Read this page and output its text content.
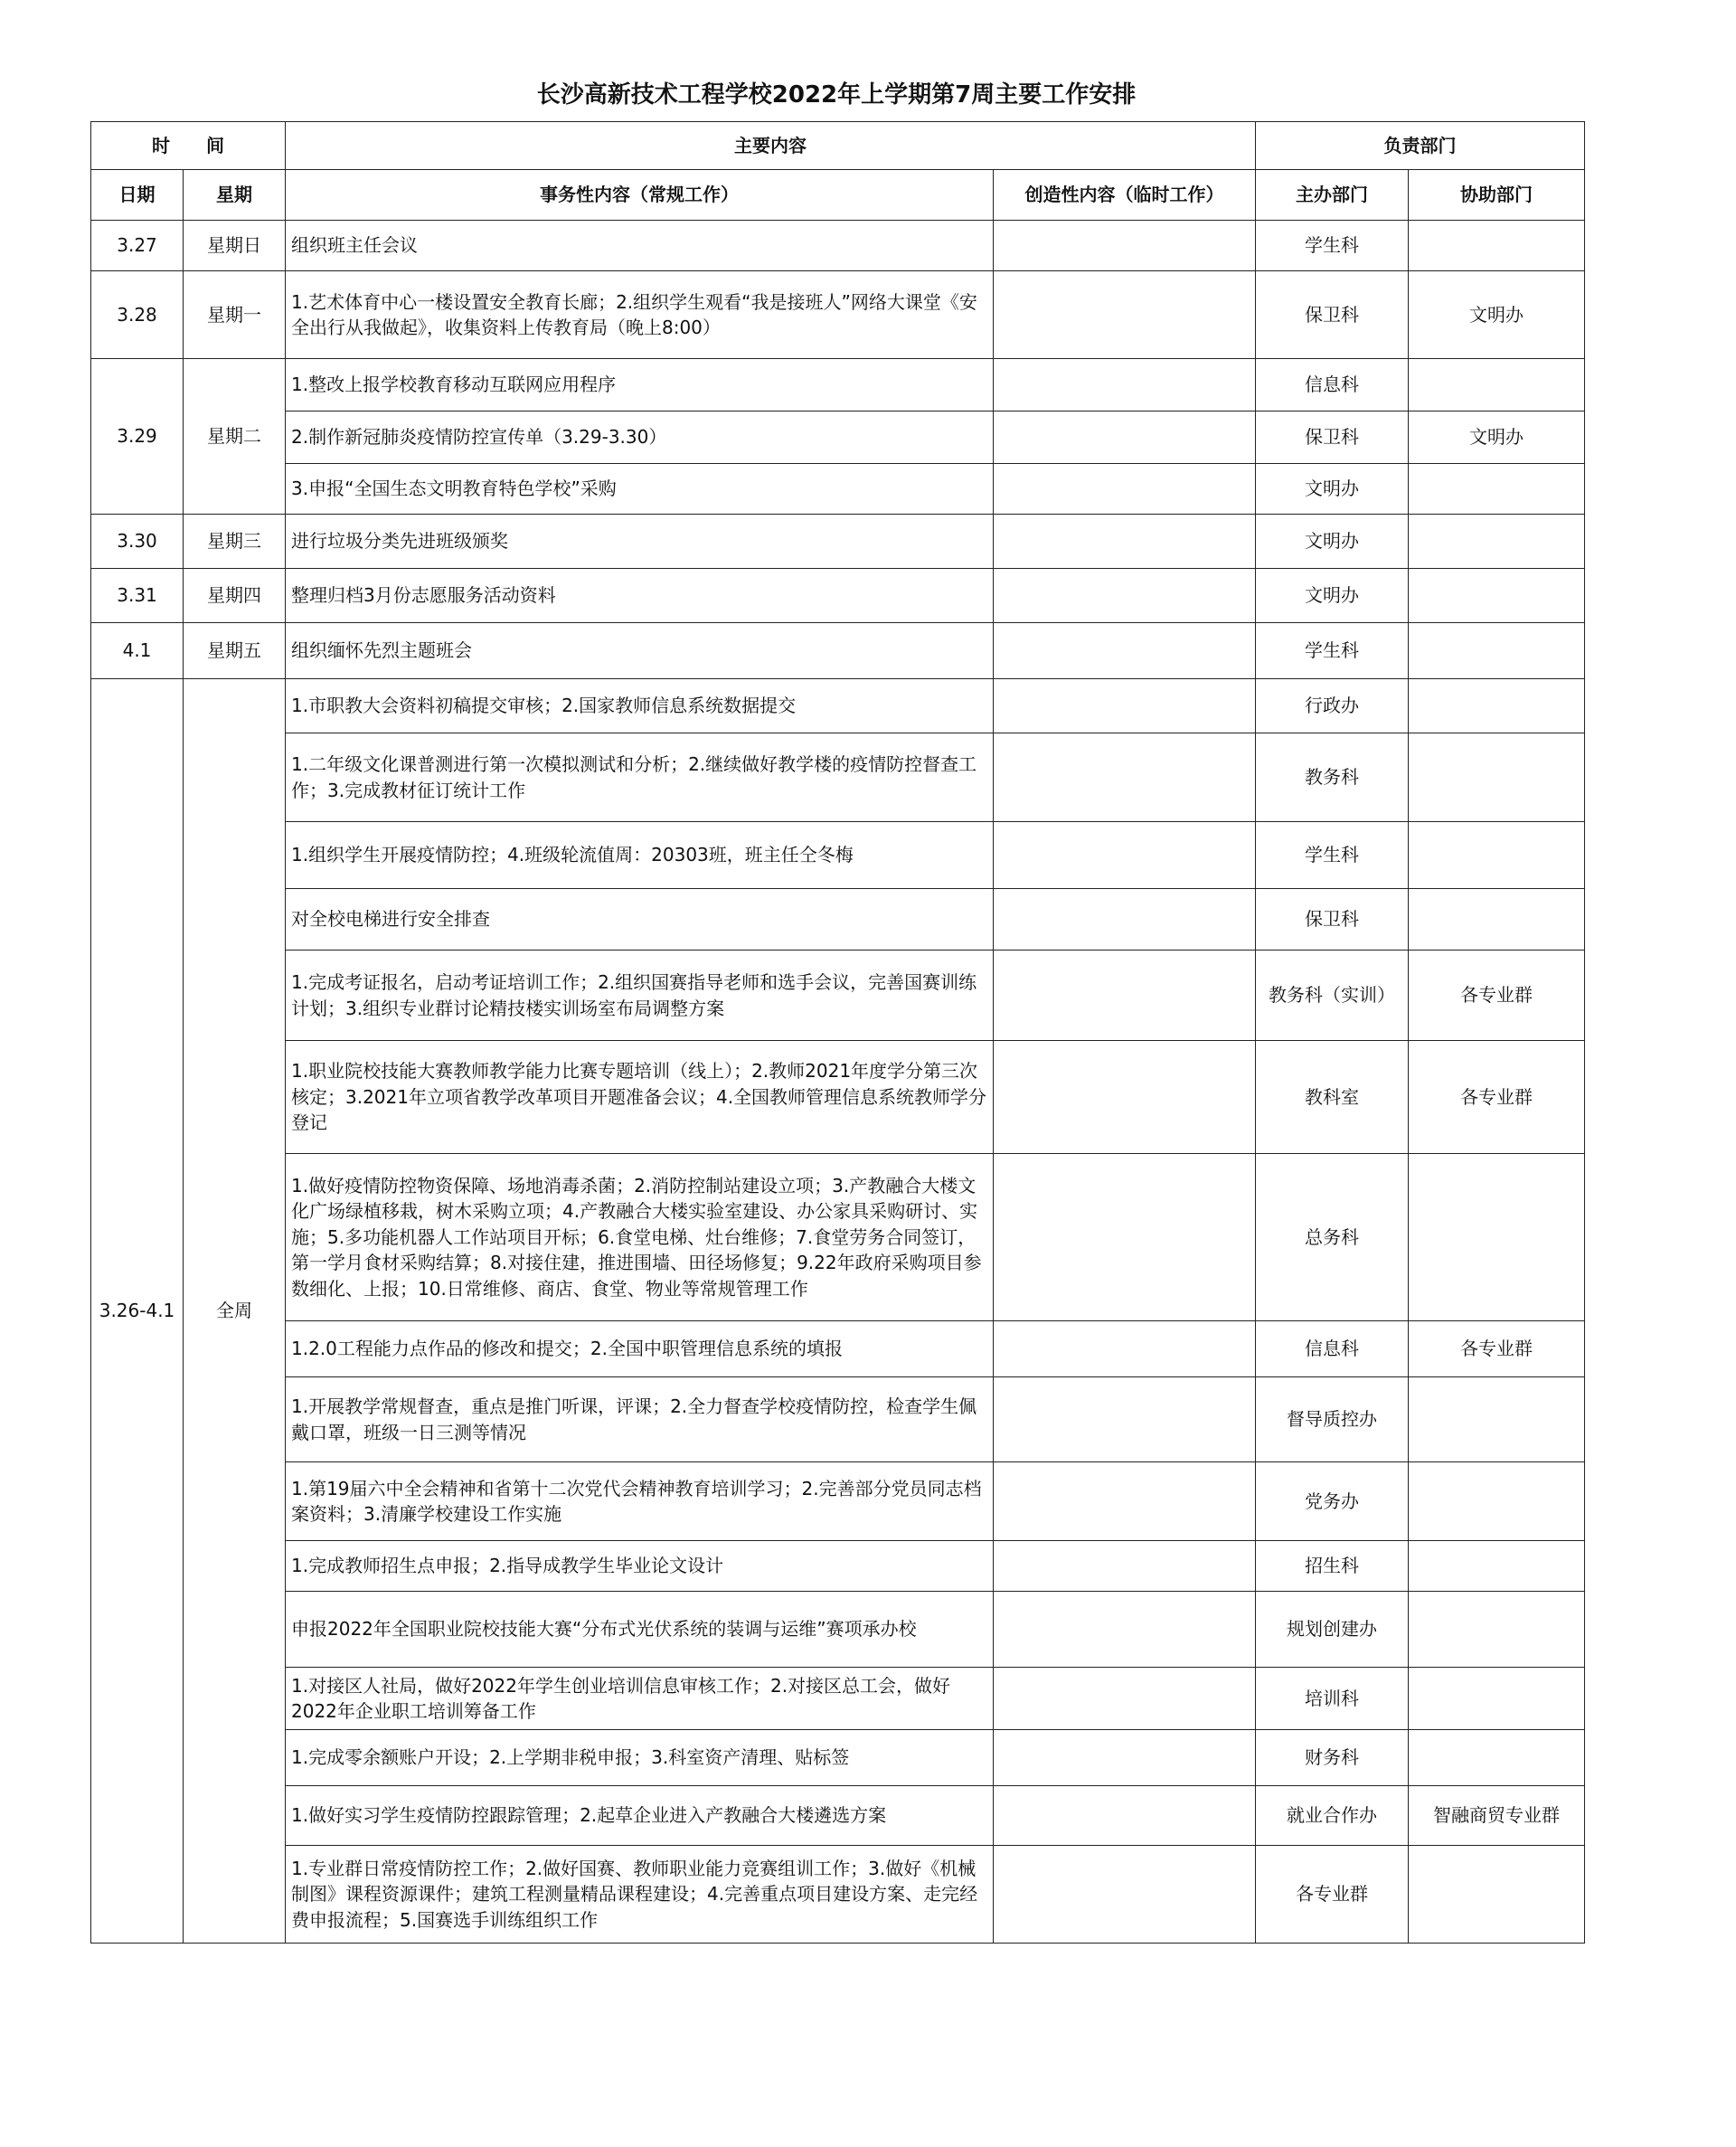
长沙高新技术工程学校2022年上学期第7周主要工作安排
时　　间		主要内容		负责部门	
日期	星期	事务性内容（常规工作）	创造性内容（临时工作）	主办部门	协助部门
3.27	星期日	组织班主任会议		学生科	
3.28	星期一	1.艺术体育中心一楼设置安全教育长廊；2.组织学生观看“我是接班人”网络大课堂《安全出行从我做起》，收集资料上传教育局（晚上8:00）		保卫科	文明办
3.29	星期二	1.整改上报学校教育移动互联网应用程序		信息科	
		2.制作新冠肺炎疫情防控宣传单（3.29-3.30）		保卫科	文明办
		3.申报“全国生态文明教育特色学校”采购		文明办	
3.30	星期三	进行垃圾分类先进班级颁奖		文明办	
3.31	星期四	整理归档3月份志愿服务活动资料		文明办	
4.1	星期五	组织缅怀先烈主题班会		学生科	
3.26-4.1	全周	1.市职教大会资料初稿提交审核；2.国家教师信息系统数据提交		行政办	
		1.二年级文化课普测进行第一次模拟测试和分析；2.继续做好教学楼的疫情防控督查工作；3.完成教材征订统计工作		教务科	
		1.组织学生开展疫情防控；4.班级轮流值周：20303班，班主任仝冬梅		学生科	
		对全校电梯进行安全排查		保卫科	
		1.完成考证报名，启动考证培训工作；2.组织国赛指导老师和选手会议，完善国赛训练计划；3.组织专业群讨论精技楼实训场室布局调整方案		教务科（实训）	各专业群
		1.职业院校技能大赛教师教学能力比赛专题培训（线上）；2.教师2021年度学分第三次核定；3.2021年立项省教学改革项目开题准备会议；4.全国教师管理信息系统教师学分登记		教科室	各专业群
		1.做好疫情防控物资保障、场地消毒杀菌；2.消防控制站建设立项；3.产教融合大楼文化广场绿植移栽，树木采购立项；4.产教融合大楼实验室建设、办公家具采购研讨、实施；5.多功能机器人工作站项目开标；6.食堂电梯、灶台维修；7.食堂劳务合同签订，第一学月食材采购结算；8.对接住建，推进围墙、田径场修复；9.22年政府采购项目参数细化、上报；10.日常维修、商店、食堂、物业等常规管理工作		总务科	
		1.2.0工程能力点作品的修改和提交；2.全国中职管理信息系统的填报		信息科	各专业群
		1.开展教学常规督查，重点是推门听课，评课；2.全力督查学校疫情防控，检查学生佩戴口罩，班级一日三测等情况		督导质控办	
		1.第19届六中全会精神和省第十二次党代会精神教育培训学习；2.完善部分党员同志档案资料；3.清廉学校建设工作实施		党务办	
		1.完成教师招生点申报；2.指导成教学生毕业论文设计		招生科	
		申报2022年全国职业院校技能大赛“分布式光伏系统的装调与运维”赛项承办校		规划创建办	
		1.对接区人社局，做好2022年学生创业培训信息审核工作；2.对接区总工会，做好2022年企业职工培训筹备工作		培训科	
		1.完成零余额账户开设；2.上学期非税申报；3.科室资产清理、贴标签		财务科	
		1.做好实习学生疫情防控跟踪管理；2.起草企业进入产教融合大楼遴选方案		就业合作办	智融商贸专业群
		1.专业群日常疫情防控工作；2.做好国赛、教师职业能力竞赛组训工作；3.做好《机械制图》课程资源课件；建筑工程测量精品课程建设；4.完善重点项目建设方案、走完经费申报流程；5.国赛选手训练组织工作		各专业群	
